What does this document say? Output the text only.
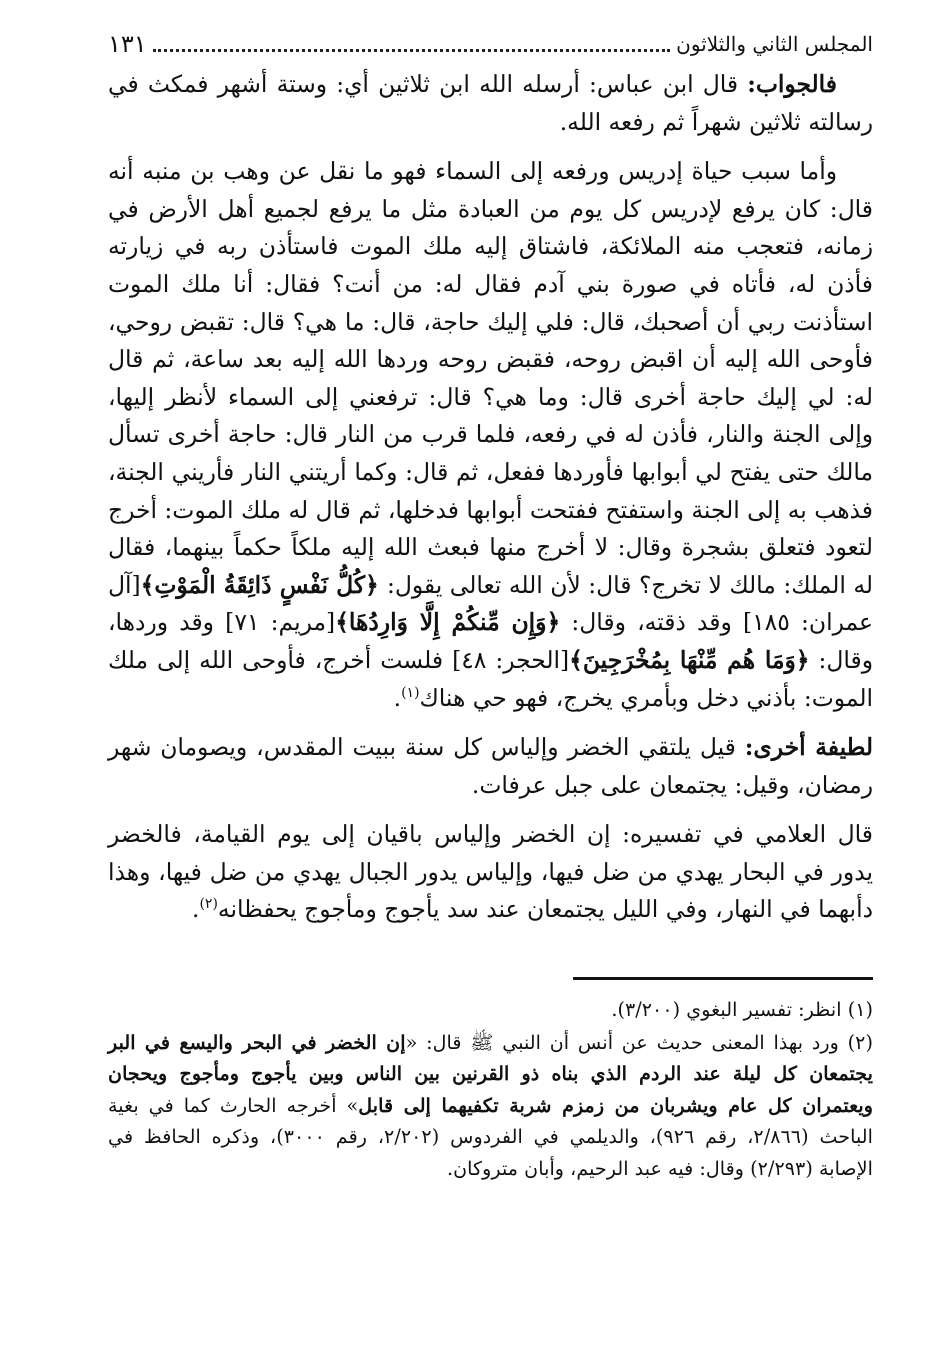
المجلس الثاني والثلاثون
١٣١

فالجواب: قال ابن عباس: أرسله الله ابن ثلاثين أي: وستة أشهر فمكث في رسالته ثلاثين شهراً ثم رفعه الله.

وأما سبب حياة إدريس ورفعه إلى السماء فهو ما نقل عن وهب بن منبه أنه قال: كان يرفع لإدريس كل يوم من العبادة مثل ما يرفع لجميع أهل الأرض في زمانه، فتعجب منه الملائكة، فاشتاق إليه ملك الموت فاستأذن ربه في زيارته فأذن له، فأتاه في صورة بني آدم فقال له: من أنت؟ فقال: أنا ملك الموت استأذنت ربي أن أصحبك، قال: فلي إليك حاجة، قال: ما هي؟ قال: تقبض روحي، فأوحى الله إليه أن اقبض روحه، فقبض روحه وردها الله إليه بعد ساعة، ثم قال له: لي إليك حاجة أخرى قال: وما هي؟ قال: ترفعني إلى السماء لأنظر إليها، وإلى الجنة والنار، فأذن له في رفعه، فلما قرب من النار قال: حاجة أخرى تسأل مالك حتى يفتح لي أبوابها فأوردها ففعل، ثم قال: وكما أريتني النار فأريني الجنة، فذهب به إلى الجنة واستفتح ففتحت أبوابها فدخلها، ثم قال له ملك الموت: أخرج لتعود فتعلق بشجرة وقال: لا أخرج منها فبعث الله إليه ملكاً حكماً بينهما، فقال له الملك: مالك لا تخرج؟ قال: لأن الله تعالى يقول: ﴿كُلُّ نَفْسٍ ذَائِقَةُ الْمَوْتِ﴾[آل عمران: ١٨٥] وقد ذقته، وقال: ﴿وَإِن مِّنكُمْ إِلَّا وَارِدُهَا﴾[مريم: ٧١] وقد وردها، وقال: ﴿وَمَا هُم مِّنْهَا بِمُخْرَجِينَ﴾[الحجر: ٤٨] فلست أخرج، فأوحى الله إلى ملك الموت: بأذني دخل وبأمري يخرج، فهو حي هناك$^{(١)}$.

لطيفة أخرى: قيل يلتقي الخضر وإلياس كل سنة ببيت المقدس، ويصومان شهر رمضان، وقيل: يجتمعان على جبل عرفات.

قال العلامي في تفسيره: إن الخضر وإلياس باقيان إلى يوم القيامة، فالخضر يدور في البحار يهدي من ضل فيها، وإلياس يدور الجبال يهدي من ضل فيها، وهذا دأبهما في النهار، وفي الليل يجتمعان عند سد يأجوج ومأجوج يحفظانه$^{(٢)}$.

(١) انظر: تفسير البغوي (٣/٢٠٠).

(٢) ورد بهذا المعنى حديث عن أنس أن النبي ﷺ قال: «إن الخضر في البحر واليسع في البر يجتمعان كل ليلة عند الردم الذي بناه ذو القرنين بين الناس وبين يأجوج ومأجوج ويحجان ويعتمران كل عام ويشربان من زمزم شربة تكفيهما إلى قابل» أخرجه الحارث كما في بغية الباحث (٢/٨٦٦، رقم ٩٢٦)، والديلمي في الفردوس (٢/٢٠٢، رقم ٣٠٠٠)، وذكره الحافظ في الإصابة (٢/٢٩٣) وقال: فيه عبد الرحيم، وأبان متروكان.
